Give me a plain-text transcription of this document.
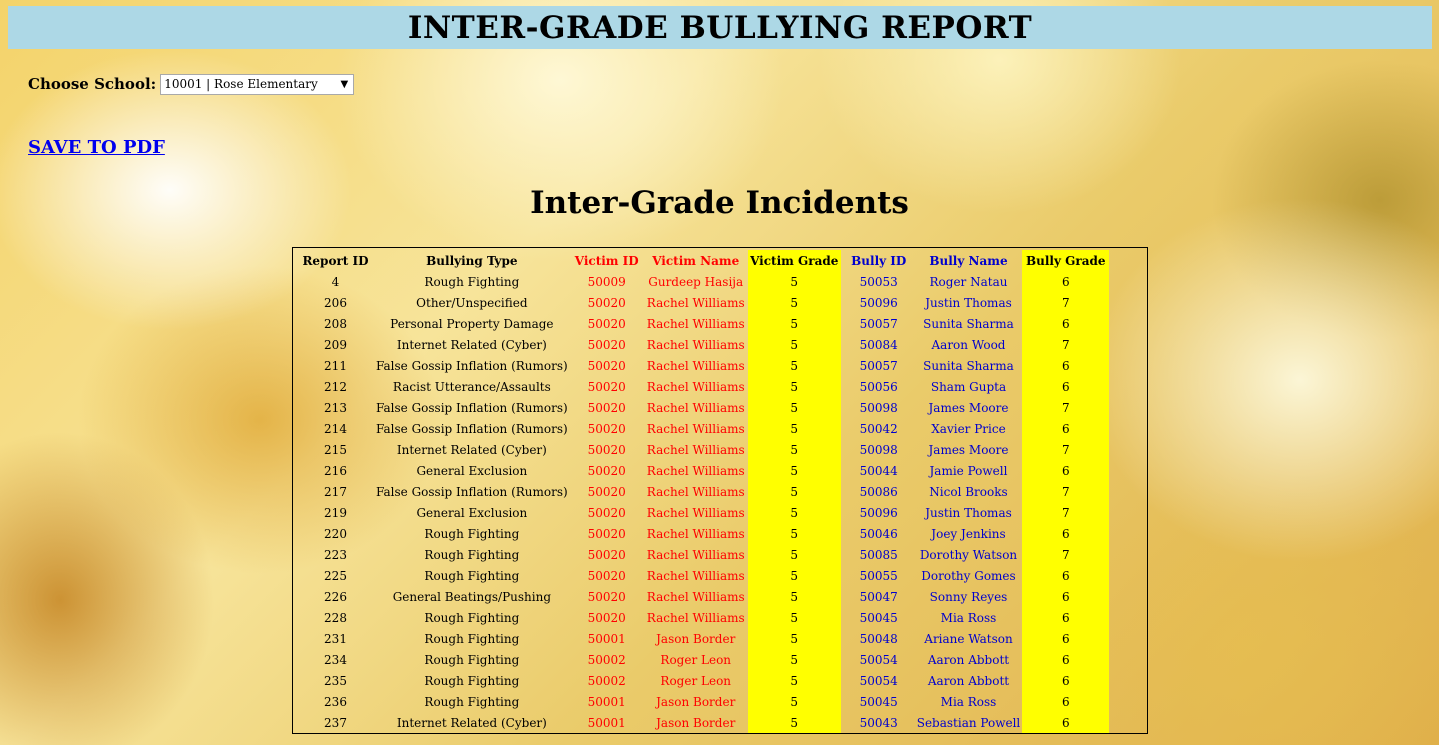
INTER-GRADE BULLYING REPORT
Choose School: 10001 | Rose Elementary ▼
SAVE TO PDF
Inter-Grade Incidents
Report ID	Bullying Type	Victim ID	Victim Name	Victim Grade	Bully ID	Bully Name	Bully Grade
4	Rough Fighting	50009	Gurdeep Hasija	5	50053	Roger Natau	6
206	Other/Unspecified	50020	Rachel Williams	5	50096	Justin Thomas	7
208	Personal Property Damage	50020	Rachel Williams	5	50057	Sunita Sharma	6
209	Internet Related (Cyber)	50020	Rachel Williams	5	50084	Aaron Wood	7
211	False Gossip Inflation (Rumors)	50020	Rachel Williams	5	50057	Sunita Sharma	6
212	Racist Utterance/Assaults	50020	Rachel Williams	5	50056	Sham Gupta	6
213	False Gossip Inflation (Rumors)	50020	Rachel Williams	5	50098	James Moore	7
214	False Gossip Inflation (Rumors)	50020	Rachel Williams	5	50042	Xavier Price	6
215	Internet Related (Cyber)	50020	Rachel Williams	5	50098	James Moore	7
216	General Exclusion	50020	Rachel Williams	5	50044	Jamie Powell	6
217	False Gossip Inflation (Rumors)	50020	Rachel Williams	5	50086	Nicol Brooks	7
219	General Exclusion	50020	Rachel Williams	5	50096	Justin Thomas	7
220	Rough Fighting	50020	Rachel Williams	5	50046	Joey Jenkins	6
223	Rough Fighting	50020	Rachel Williams	5	50085	Dorothy Watson	7
225	Rough Fighting	50020	Rachel Williams	5	50055	Dorothy Gomes	6
226	General Beatings/Pushing	50020	Rachel Williams	5	50047	Sonny Reyes	6
228	Rough Fighting	50020	Rachel Williams	5	50045	Mia Ross	6
231	Rough Fighting	50001	Jason Border	5	50048	Ariane Watson	6
234	Rough Fighting	50002	Roger Leon	5	50054	Aaron Abbott	6
235	Rough Fighting	50002	Roger Leon	5	50054	Aaron Abbott	6
236	Rough Fighting	50001	Jason Border	5	50045	Mia Ross	6
237	Internet Related (Cyber)	50001	Jason Border	5	50043	Sebastian Powell	6
